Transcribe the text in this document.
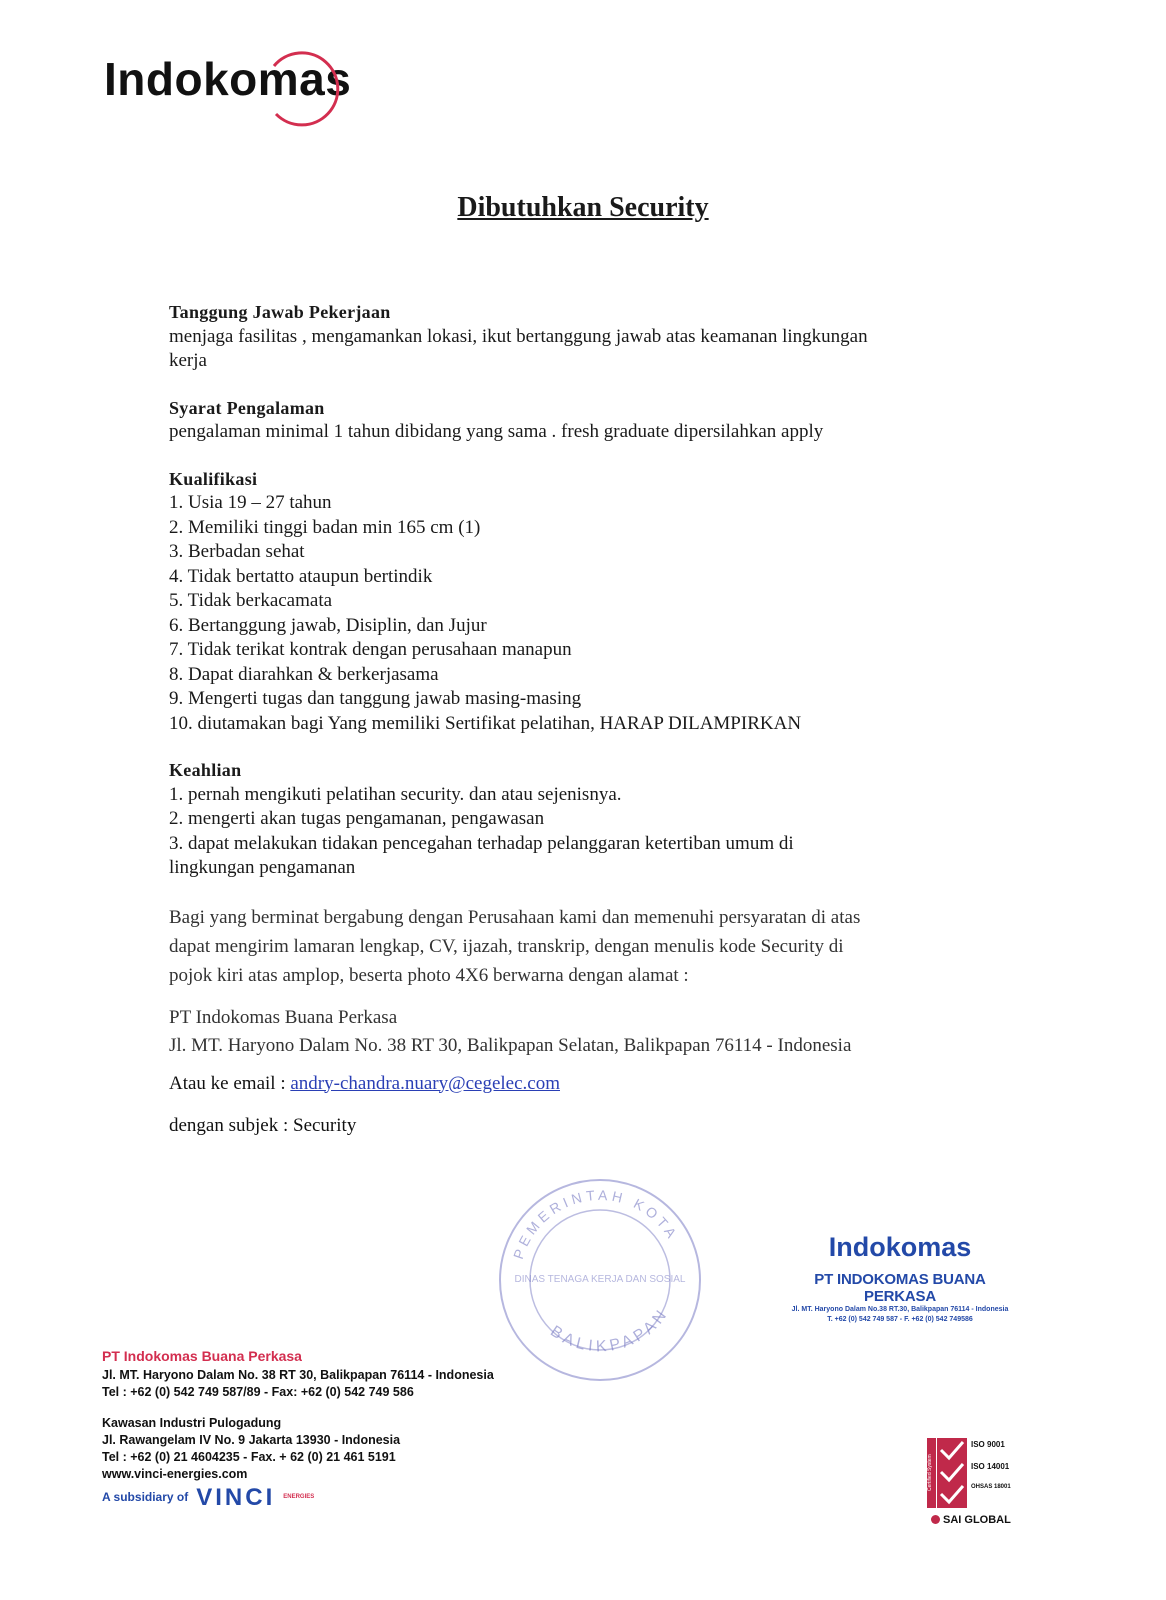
Indokomas
Dibutuhkan Security
Tanggung Jawab Pekerjaan
menjaga fasilitas , mengamankan lokasi, ikut bertanggung jawab atas keamanan lingkungan
kerja
Syarat Pengalaman
pengalaman minimal 1 tahun dibidang yang sama . fresh graduate dipersilahkan apply
Kualifikasi
1. Usia 19 – 27 tahun
2. Memiliki tinggi badan min 165 cm (1)
3. Berbadan sehat
4. Tidak bertatto ataupun bertindik
5. Tidak berkacamata
6. Bertanggung jawab, Disiplin, dan Jujur
7. Tidak terikat kontrak dengan perusahaan manapun
8. Dapat diarahkan & berkerjasama
9. Mengerti tugas dan tanggung jawab masing-masing
10. diutamakan bagi Yang memiliki Sertifikat pelatihan, HARAP DILAMPIRKAN
Keahlian
1. pernah mengikuti pelatihan security. dan atau sejenisnya.
2. mengerti akan tugas pengamanan, pengawasan
3. dapat melakukan tidakan pencegahan terhadap pelanggaran ketertiban umum di
lingkungan pengamanan
Bagi yang berminat bergabung dengan Perusahaan kami dan memenuhi persyaratan di atas
dapat mengirim lamaran lengkap, CV, ijazah, transkrip, dengan menulis kode Security di
pojok kiri atas amplop, beserta photo 4X6 berwarna dengan alamat :
PT Indokomas Buana Perkasa
Jl. MT. Haryono Dalam No. 38 RT 30, Balikpapan Selatan, Balikpapan 76114 - Indonesia
Atau ke email : andry-chandra.nuary@cegelec.com
dengan subjek : Security
PEMERINTAH KOTA
DINAS TENAGA KERJA DAN SOSIAL
BALIKPAPAN
Indokomas
PT INDOKOMAS BUANA PERKASA
Jl. MT. Haryono Dalam No.38 RT.30, Balikpapan 76114 - Indonesia
T. +62 (0) 542 749 587 - F. +62 (0) 542 749586
PT Indokomas Buana Perkasa
Jl. MT. Haryono Dalam No. 38 RT 30, Balikpapan 76114 - Indonesia
Tel : +62 (0) 542 749 587/89 - Fax: +62 (0) 542 749 586
Kawasan Industri Pulogadung
Jl. Rawangelam IV No. 9 Jakarta 13930 - Indonesia
Tel : +62 (0) 21 4604235 - Fax. + 62 (0) 21 461 5191
www.vinci-energies.com
A subsidiary of VINCI ENERGIES
Certified System
ISO 9001
ISO 14001
OHSAS 18001
SAI GLOBAL
